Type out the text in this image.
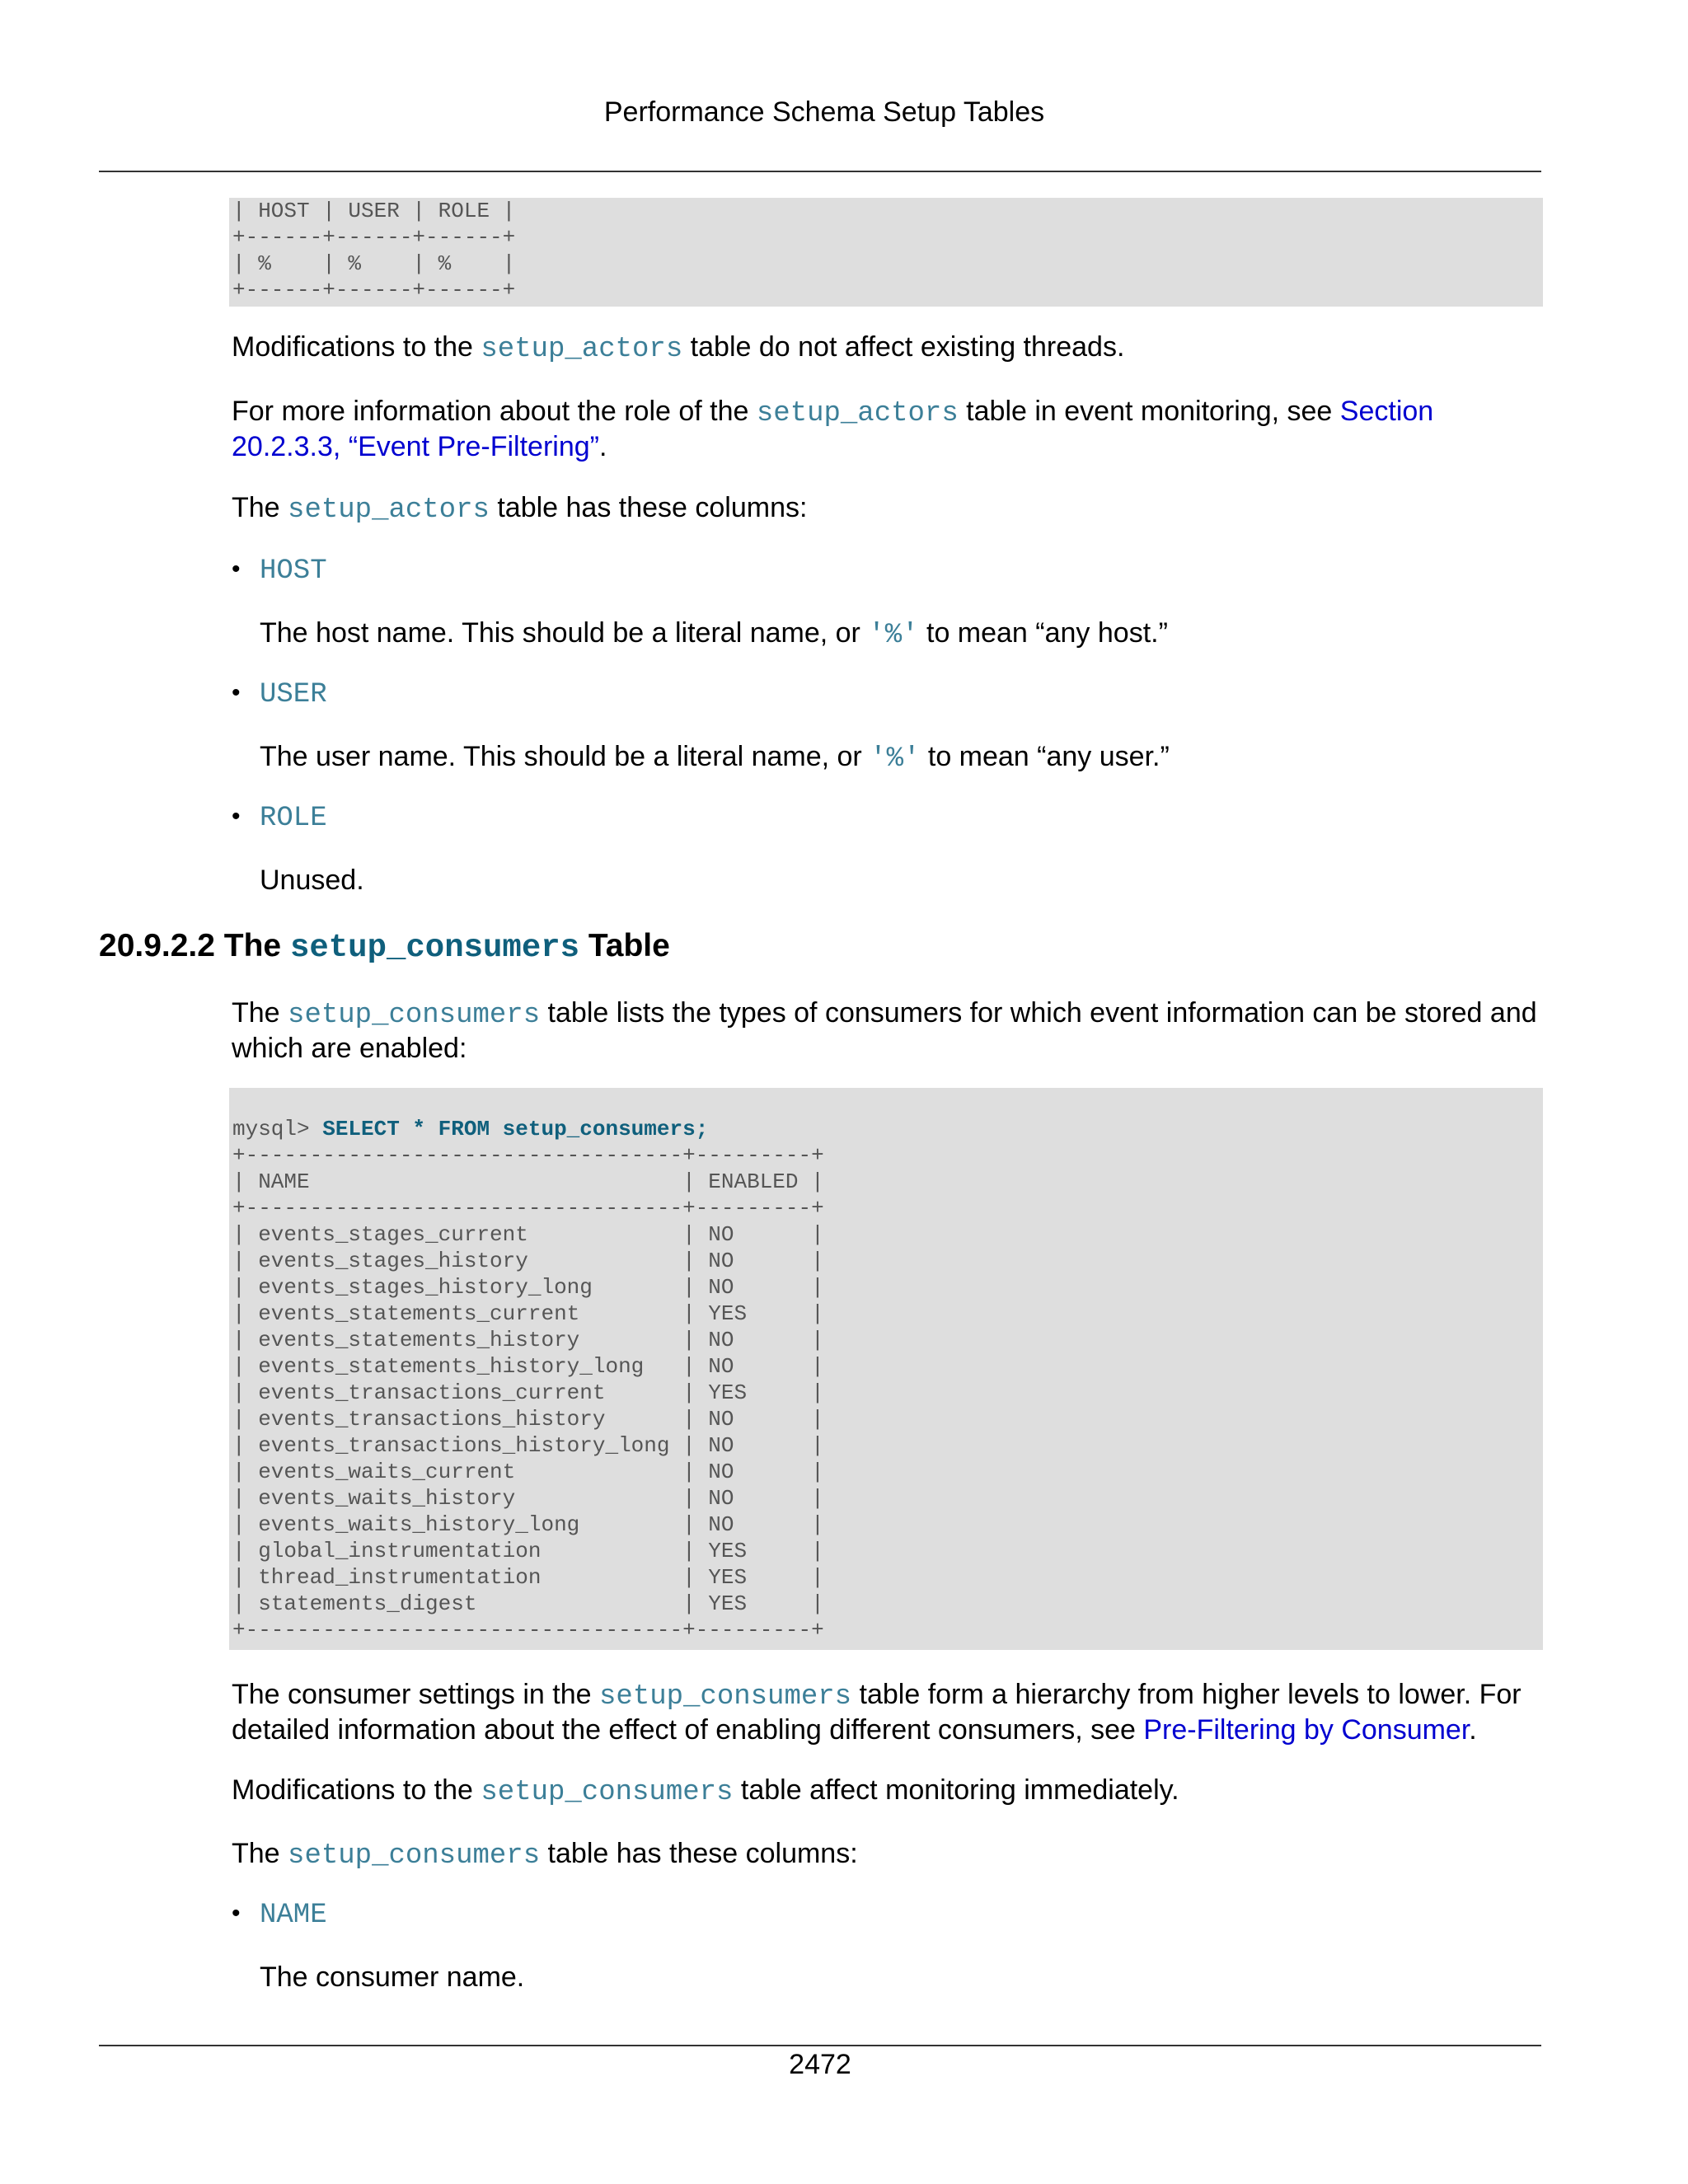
Performance Schema Setup Tables
| HOST | USER | ROLE |
+------+------+------+
| %    | %    | %    |
+------+------+------+
Modifications to the setup_actors table do not affect existing threads.
For more information about the role of the setup_actors table in event monitoring, see Section 20.2.3.3, “Event Pre-Filtering”.
The setup_actors table has these columns:
• HOST
The host name. This should be a literal name, or '%' to mean “any host.”
• USER
The user name. This should be a literal name, or '%' to mean “any user.”
• ROLE
Unused.
20.9.2.2 The setup_consumers Table
The setup_consumers table lists the types of consumers for which event information can be stored and which are enabled:
mysql> SELECT * FROM setup_consumers;
+----------------------------------+---------+
| NAME                             | ENABLED |
+----------------------------------+---------+
| events_stages_current            | NO      |
| events_stages_history            | NO      |
| events_stages_history_long       | NO      |
| events_statements_current        | YES     |
| events_statements_history        | NO      |
| events_statements_history_long   | NO      |
| events_transactions_current      | YES     |
| events_transactions_history      | NO      |
| events_transactions_history_long | NO      |
| events_waits_current             | NO      |
| events_waits_history             | NO      |
| events_waits_history_long        | NO      |
| global_instrumentation           | YES     |
| thread_instrumentation           | YES     |
| statements_digest                | YES     |
+----------------------------------+---------+
The consumer settings in the setup_consumers table form a hierarchy from higher levels to lower. For detailed information about the effect of enabling different consumers, see Pre-Filtering by Consumer.
Modifications to the setup_consumers table affect monitoring immediately.
The setup_consumers table has these columns:
• NAME
The consumer name.
2472
